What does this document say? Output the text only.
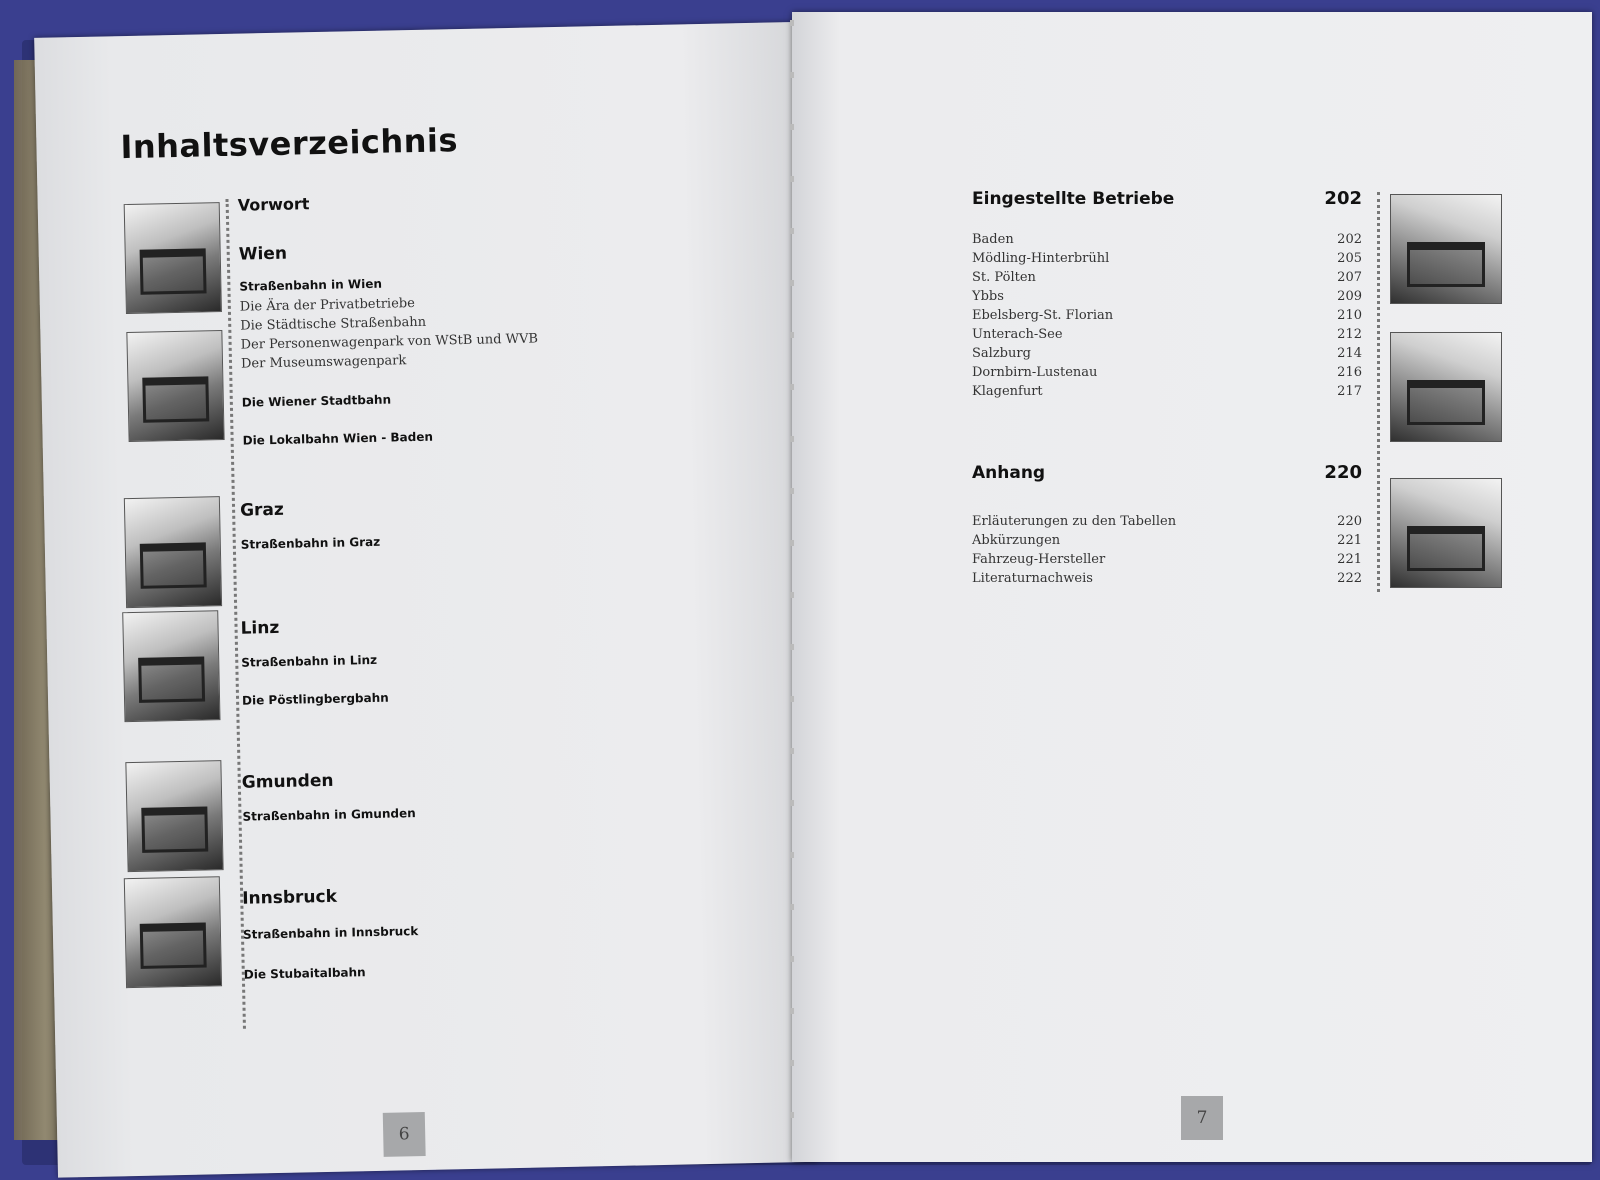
Inhaltsverzeichnis
Vorwort
Wien
Straßenbahn in Wien
Die Ära der Privatbetriebe
Die Städtische Straßenbahn
Der Personenwagenpark von WStB und WVB
Der Museumswagenpark
Die Wiener Stadtbahn
Die Lokalbahn Wien - Baden
Graz
Straßenbahn in Graz
Linz
Straßenbahn in Linz
Die Pöstlingbergbahn
Gmunden
Straßenbahn in Gmunden
Innsbruck
Straßenbahn in Innsbruck
Die Stubaitalbahn
6
Eingestellte Betriebe	202
Baden	202
Mödling-Hinterbrühl	205
St. Pölten	207
Ybbs	209
Ebelsberg-St. Florian	210
Unterach-See	212
Salzburg	214
Dornbirn-Lustenau	216
Klagenfurt	217
Anhang	220
Erläuterungen zu den Tabellen	220
Abkürzungen	221
Fahrzeug-Hersteller	221
Literaturnachweis	222
7
